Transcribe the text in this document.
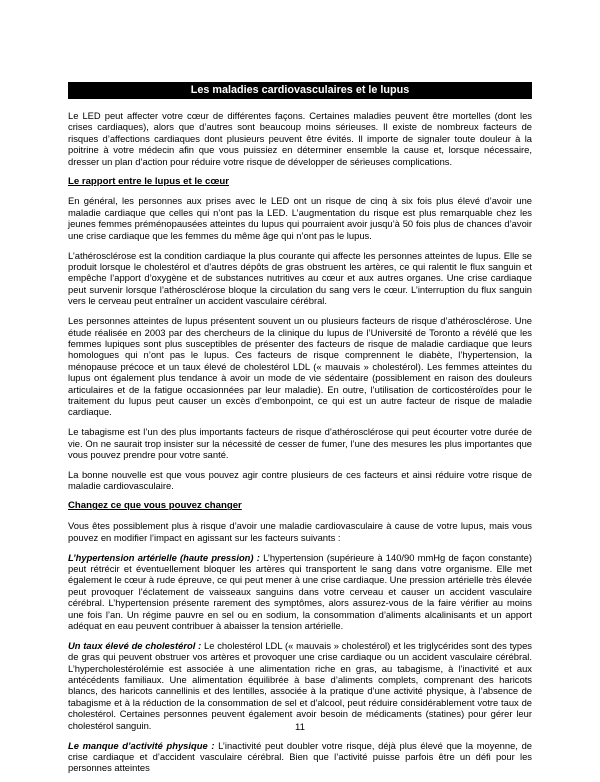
Les maladies cardiovasculaires et le lupus

Le LED peut affecter votre cœur de différentes façons. Certaines maladies peuvent être mortelles (dont les crises cardiaques), alors que d’autres sont beaucoup moins sérieuses. Il existe de nombreux facteurs de risques d’affections cardiaques dont plusieurs peuvent être évités. Il importe de signaler toute douleur à la poitrine à votre médecin afin que vous puissiez en déterminer ensemble la cause et, lorsque nécessaire, dresser un plan d’action pour réduire votre risque de développer de sérieuses complications.

Le rapport entre le lupus et le cœur

En général, les personnes aux prises avec le LED ont un risque de cinq à six fois plus élevé d’avoir une maladie cardiaque que celles qui n’ont pas la LED. L’augmentation du risque est plus remarquable chez les jeunes femmes préménopausées atteintes du lupus qui pourraient avoir jusqu’à 50 fois plus de chances d’avoir une crise cardiaque que les femmes du même âge qui n’ont pas le lupus.

L’athérosclérose est la condition cardiaque la plus courante qui affecte les personnes atteintes de lupus. Elle se produit lorsque le cholestérol et d’autres dépôts de gras obstruent les artères, ce qui ralentit le flux sanguin et empêche l’apport d’oxygène et de substances nutritives au cœur et aux autres organes. Une crise cardiaque peut survenir lorsque l’athérosclérose bloque la circulation du sang vers le cœur. L’interruption du flux sanguin vers le cerveau peut entraîner un accident vasculaire cérébral.

Les personnes atteintes de lupus présentent souvent un ou plusieurs facteurs de risque d’athérosclérose. Une étude réalisée en 2003 par des chercheurs de la clinique du lupus de l’Université de Toronto a révélé que les femmes lupiques sont plus susceptibles de présenter des facteurs de risque de maladie cardiaque que leurs homologues qui n’ont pas le lupus. Ces facteurs de risque comprennent le diabète, l’hypertension, la ménopause précoce et un taux élevé de cholestérol LDL (« mauvais » cholestérol). Les femmes atteintes du lupus ont également plus tendance à avoir un mode de vie sédentaire (possiblement en raison des douleurs articulaires et de la fatigue occasionnées par leur maladie). En outre, l’utilisation de corticostéroïdes pour le traitement du lupus peut causer un excès d’embonpoint, ce qui est un autre facteur de risque de maladie cardiaque.

Le tabagisme est l’un des plus importants facteurs de risque d’athérosclérose qui peut écourter votre durée de vie. On ne saurait trop insister sur la nécessité de cesser de fumer, l’une des mesures les plus importantes que vous pouvez prendre pour votre santé.

La bonne nouvelle est que vous pouvez agir contre plusieurs de ces facteurs et ainsi réduire votre risque de maladie cardiovasculaire.

Changez ce que vous pouvez changer

Vous êtes possiblement plus à risque d’avoir une maladie cardiovasculaire à cause de votre lupus, mais vous pouvez en modifier l’impact en agissant sur les facteurs suivants :

L’hypertension artérielle (haute pression) : L’hypertension (supérieure à 140/90 mmHg de façon constante) peut rétrécir et éventuellement bloquer les artères qui transportent le sang dans votre organisme. Elle met également le cœur à rude épreuve, ce qui peut mener à une crise cardiaque. Une pression artérielle très élevée peut provoquer l’éclatement de vaisseaux sanguins dans votre cerveau et causer un accident vasculaire cérébral. L’hypertension présente rarement des symptômes, alors assurez-vous de la faire vérifier au moins une fois l’an. Un régime pauvre en sel ou en sodium, la consommation d’aliments alcalinisants et un apport adéquat en eau peuvent contribuer à abaisser la tension artérielle.

Un taux élevé de cholestérol : Le cholestérol LDL (« mauvais » cholestérol) et les triglycérides sont des types de gras qui peuvent obstruer vos artères et provoquer une crise cardiaque ou un accident vasculaire cérébral. L’hypercholestérolémie est associée à une alimentation riche en gras, au tabagisme, à l’inactivité et aux antécédents familiaux. Une alimentation équilibrée à base d’aliments complets, comprenant des haricots blancs, des haricots cannellinis et des lentilles, associée à la pratique d’une activité physique, à l’absence de tabagisme et à la réduction de la consommation de sel et d’alcool, peut réduire considérablement votre taux de cholestérol. Certaines personnes peuvent également avoir besoin de médicaments (statines) pour gérer leur cholestérol sanguin.

Le manque d’activité physique : L’inactivité peut doubler votre risque, déjà plus élevé que la moyenne, de crise cardiaque et d’accident vasculaire cérébral. Bien que l’activité puisse parfois être un défi pour les personnes atteintes

11
